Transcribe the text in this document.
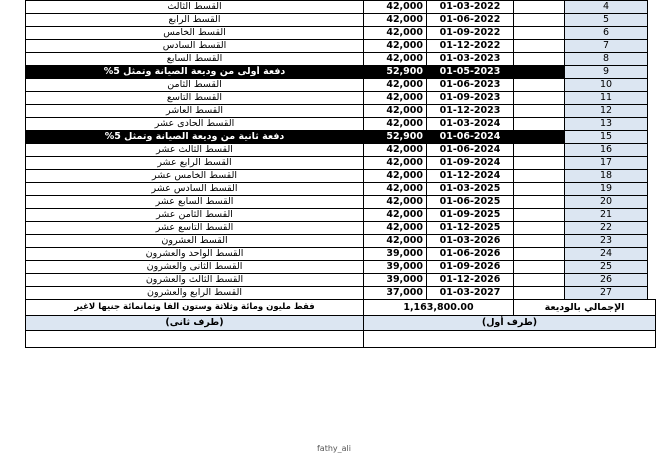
القسط الثالث	42,000	01-03-2022		4
القسط الرابع	42,000	01-06-2022		5
القسط الخامس	42,000	01-09-2022		6
القسط السادس	42,000	01-12-2022		7
القسط السابع	42,000	01-03-2023		8
دفعة أولى من وديعة الصيانة وتمثل 5%	52,900	01-05-2023		9
القسط الثامن	42,000	01-06-2023		10
القسط التاسع	42,000	01-09-2023		11
القسط العاشر	42,000	01-12-2023		12
القسط الحادى عشر	42,000	01-03-2024		13
دفعة ثانية من وديعة الصيانة وتمثل 5%	52,900	01-06-2024		15
القسط الثالث عشر	42,000	01-06-2024		16
القسط الرابع عشر	42,000	01-09-2024		17
القسط الخامس عشر	42,000	01-12-2024		18
القسط السادس عشر	42,000	01-03-2025		19
القسط السابع عشر	42,000	01-06-2025		20
القسط الثامن عشر	42,000	01-09-2025		21
القسط التاسع عشر	42,000	01-12-2025		22
القسط العشرون	42,000	01-03-2026		23
القسط الواحد والعشرون	39,000	01-06-2026		24
القسط الثانى والعشرون	39,000	01-09-2026		25
القسط الثالث والعشرون	39,000	01-12-2026		26
القسط الرابع والعشرون	37,000	01-03-2027		27
فقط مليون ومائة وثلاثة وستون الفا وثمانمائة جنيها لاغير	1,163,800.00		الإجمالي بالوديعة	
(طرف ثانى)	(طرف أول)			

fathy_ali
